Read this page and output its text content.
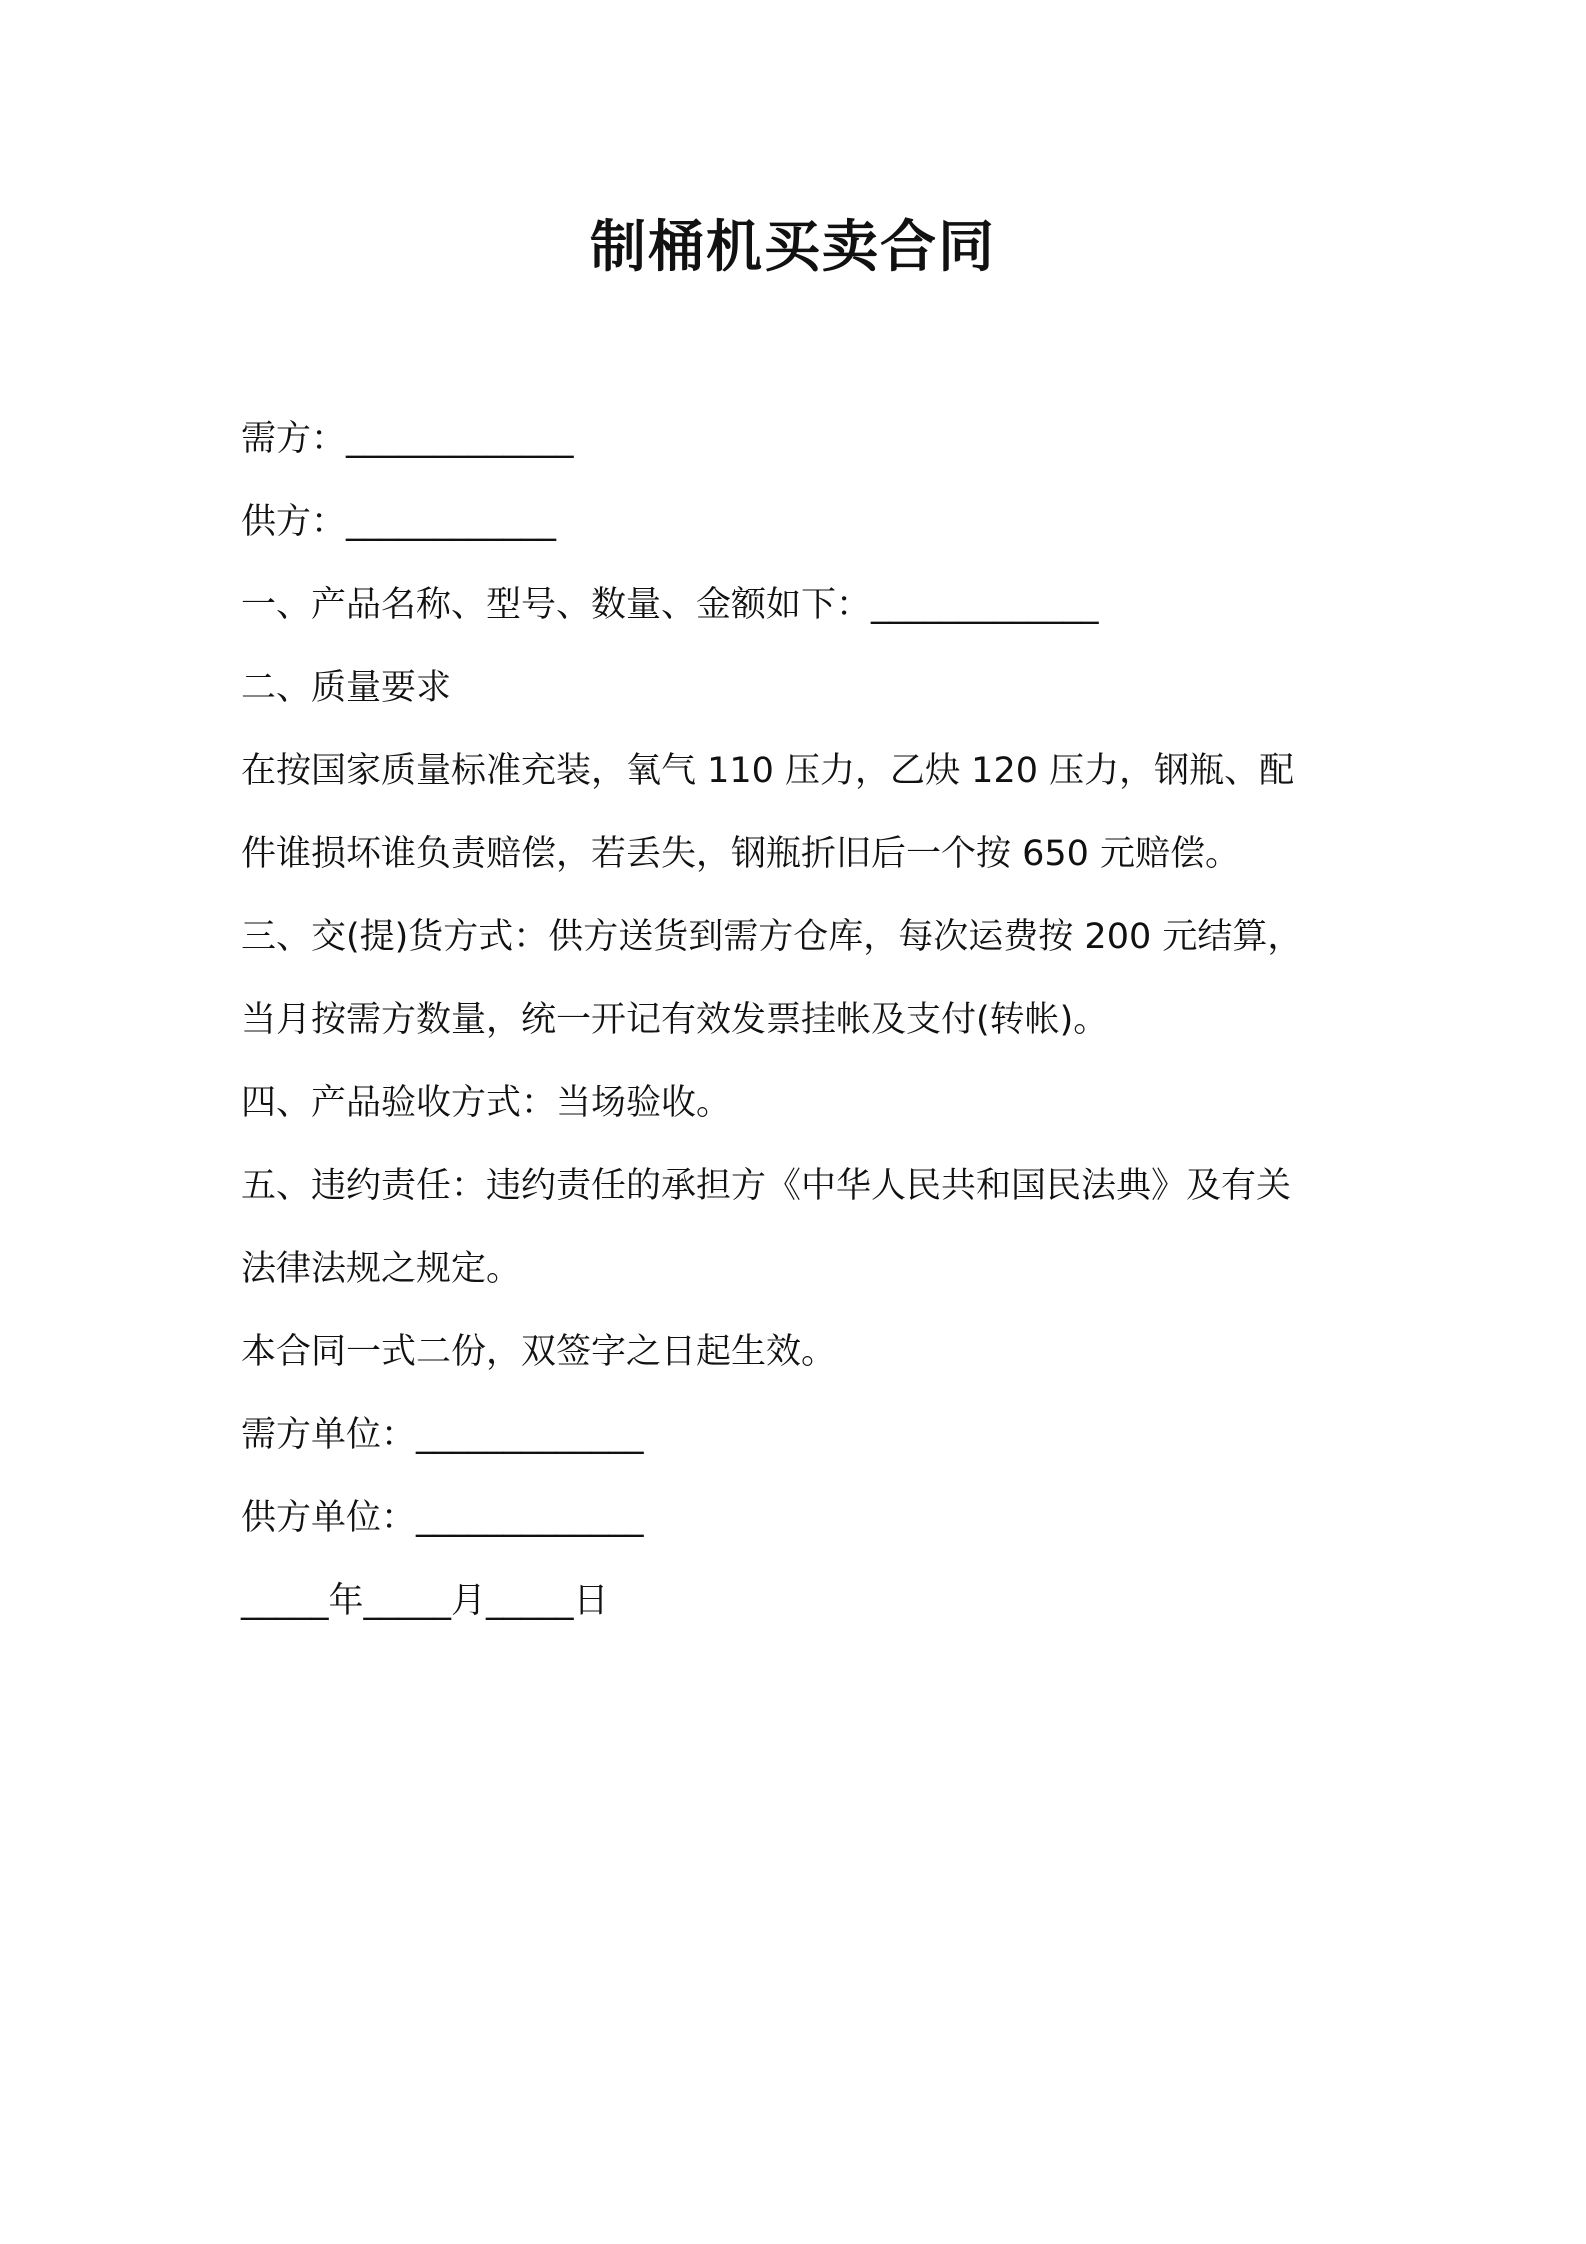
制桶机买卖合同
需方：_____________
供方：____________
一、产品名称、型号、数量、金额如下：_____________
二、质量要求
在按国家质量标准充装，氧气 110 压力，乙炔 120 压力，钢瓶、配
件谁损坏谁负责赔偿，若丢失，钢瓶折旧后一个按 650 元赔偿。
三、交(提)货方式：供方送货到需方仓库，每次运费按 200 元结算，
当月按需方数量，统一开记有效发票挂帐及支付(转帐)。
四、产品验收方式：当场验收。
五、违约责任：违约责任的承担方《中华人民共和国民法典》及有关
法律法规之规定。
本合同一式二份，双签字之日起生效。
需方单位：_____________
供方单位：_____________
_____年_____月_____日
